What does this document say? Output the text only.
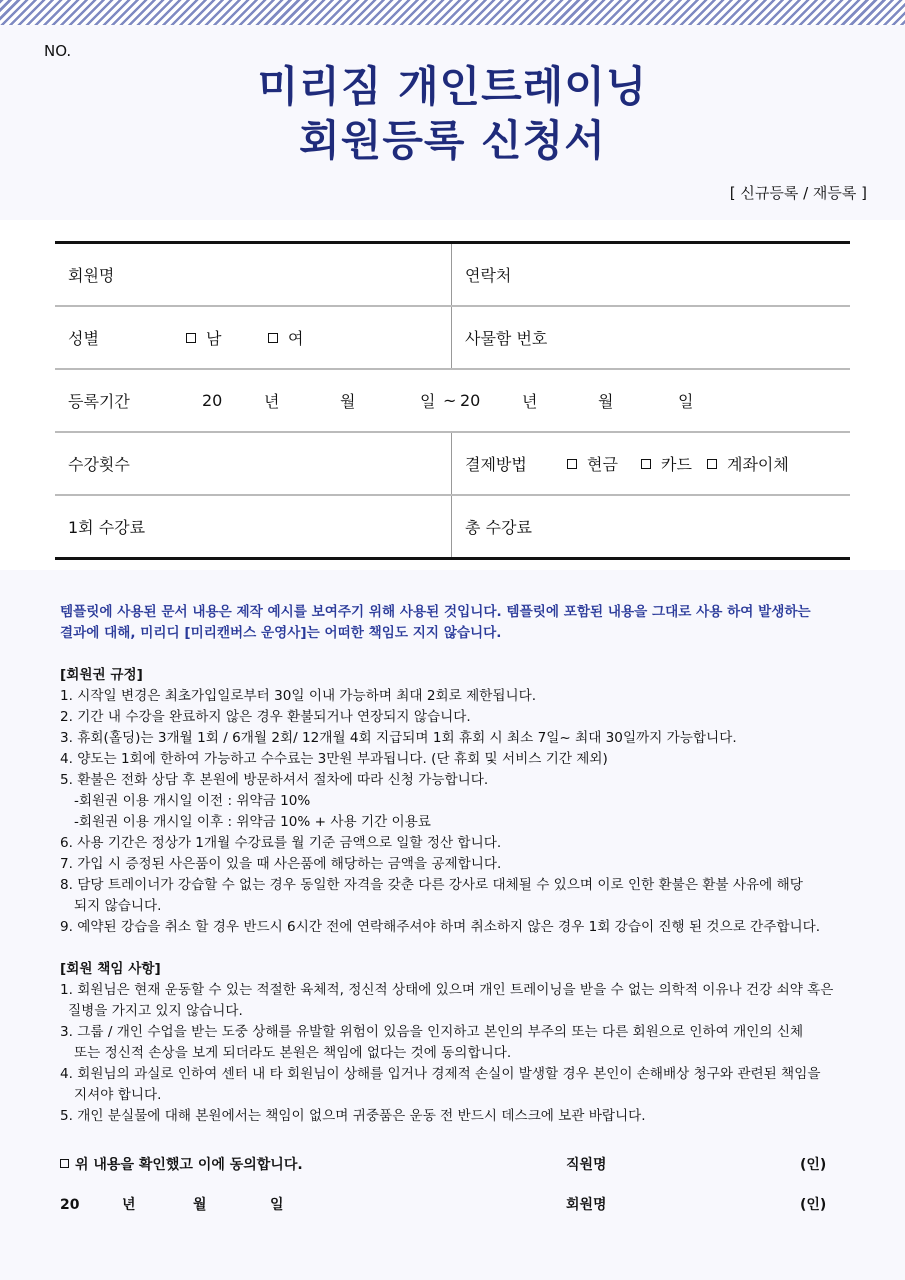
NO.
미리짐 개인트레이닝
회원등록 신청서
[ 신규등록 / 재등록 ]
회원명	연락처
성별	남	여	사물함 번호
등록기간	20	년	월	일 ~ 20	년	월	일
수강횟수	결제방법	현금	카드	계좌이체
1회 수강료	총 수강료

템플릿에 사용된 문서 내용은 제작 예시를 보여주기 위해 사용된 것입니다. 템플릿에 포함된 내용을 그대로 사용 하여 발생하는

결과에 대해, 미리디 [미리캔버스 운영사]는 어떠한 책임도 지지 않습니다.

[회원권 규정]

1. 시작일 변경은 최초가입일로부터 30일 이내 가능하며 최대 2회로 제한됩니다.

2. 기간 내 수강을 완료하지 않은 경우 환불되거나 연장되지 않습니다.

3. 휴회(홀딩)는 3개월 1회 / 6개월 2회/ 12개월 4회 지급되며 1회 휴회 시 최소 7일~ 최대 30일까지 가능합니다.

4. 양도는 1회에 한하여 가능하고 수수료는 3만원 부과됩니다. (단 휴회 및 서비스 기간 제외)

5. 환불은 전화 상담 후 본원에 방문하셔서 절차에 따라 신청 가능합니다.

-회원권 이용 개시일 이전 : 위약금 10%

-회원권 이용 개시일 이후 : 위약금 10% + 사용 기간 이용료

6. 사용 기간은 정상가 1개월 수강료를 월 기준 금액으로 일할 정산 합니다.

7. 가입 시 증정된 사은품이 있을 때 사은품에 해당하는 금액을 공제합니다.

8. 담당 트레이너가 강습할 수 없는 경우 동일한 자격을 갖춘 다른 강사로 대체될 수 있으며 이로 인한 환불은 환불 사유에 해당

되지 않습니다.

9. 예약된 강습을 취소 할 경우 반드시 6시간 전에 연락해주셔야 하며 취소하지 않은 경우 1회 강습이 진행 된 것으로 간주합니다.

[회원 책임 사항]

1. 회원님은 현재 운동할 수 있는 적절한 육체적, 정신적 상태에 있으며 개인 트레이닝을 받을 수 없는 의학적 이유나 건강 쇠약 혹은

질병을 가지고 있지 않습니다.

3. 그룹 / 개인 수업을 받는 도중 상해를 유발할 위험이 있음을 인지하고 본인의 부주의 또는 다른 회원으로 인하여 개인의 신체

또는 정신적 손상을 보게 되더라도 본원은 책임에 없다는 것에 동의합니다.

4. 회원님의 과실로 인하여 센터 내 타 회원님이 상해를 입거나 경제적 손실이 발생할 경우 본인이 손해배상 청구와 관련된 책임을

지셔야 합니다.

5. 개인 분실물에 대해 본원에서는 책임이 없으며 귀중품은 운동 전 반드시 데스크에 보관 바랍니다.

위 내용을 확인했고 이에 동의합니다.	직원명	(인)
20	년	월	일	회원명	(인)
